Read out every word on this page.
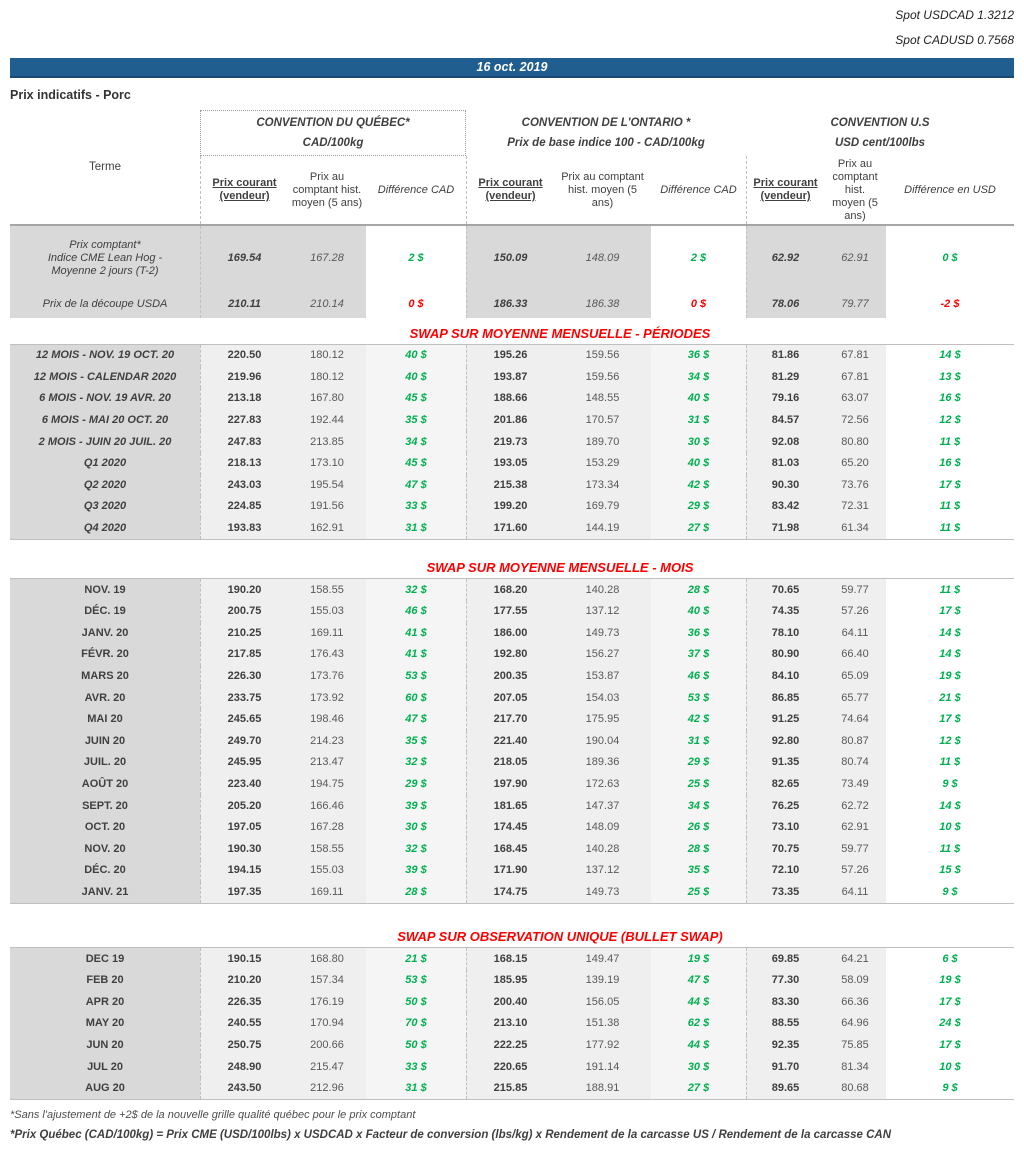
Spot USDCAD 1.3212
Spot CADUSD 0.7568
16 oct. 2019
Prix indicatifs - Porc
Terme
CONVENTION DU QUÉBEC*
CAD/100kg
CONVENTION DE L'ONTARIO *
Prix de base indice 100 - CAD/100kg
CONVENTION U.S
USD cent/100lbs
Prix courant (vendeur)
Prix au comptant hist. moyen (5 ans)
Différence CAD
Prix courant (vendeur)
Prix au comptant hist. moyen (5 ans)
Différence CAD
Prix courant (vendeur)
Prix au comptant hist. moyen (5 ans)
Différence en USD
Prix comptant*
Indice CME Lean Hog -
Moyenne 2 jours (T-2)
169.54	167.28	2 $	150.09	148.09	2 $	62.92	62.91	0 $
Prix de la découpe USDA	210.11	210.14	0 $	186.33	186.38	0 $	78.06	79.77	-2 $
SWAP SUR MOYENNE MENSUELLE - PÉRIODES
12 MOIS - NOV. 19 OCT. 20	220.50	180.12	40 $	195.26	159.56	36 $	81.86	67.81	14 $
12 MOIS - CALENDAR 2020	219.96	180.12	40 $	193.87	159.56	34 $	81.29	67.81	13 $
6 MOIS - NOV. 19 AVR. 20	213.18	167.80	45 $	188.66	148.55	40 $	79.16	63.07	16 $
6 MOIS - MAI 20 OCT. 20	227.83	192.44	35 $	201.86	170.57	31 $	84.57	72.56	12 $
2 MOIS - JUIN 20 JUIL. 20	247.83	213.85	34 $	219.73	189.70	30 $	92.08	80.80	11 $
Q1 2020	218.13	173.10	45 $	193.05	153.29	40 $	81.03	65.20	16 $
Q2 2020	243.03	195.54	47 $	215.38	173.34	42 $	90.30	73.76	17 $
Q3 2020	224.85	191.56	33 $	199.20	169.79	29 $	83.42	72.31	11 $
Q4 2020	193.83	162.91	31 $	171.60	144.19	27 $	71.98	61.34	11 $
SWAP SUR MOYENNE MENSUELLE - MOIS
NOV. 19	190.20	158.55	32 $	168.20	140.28	28 $	70.65	59.77	11 $
DÉC. 19	200.75	155.03	46 $	177.55	137.12	40 $	74.35	57.26	17 $
JANV. 20	210.25	169.11	41 $	186.00	149.73	36 $	78.10	64.11	14 $
FÉVR. 20	217.85	176.43	41 $	192.80	156.27	37 $	80.90	66.40	14 $
MARS 20	226.30	173.76	53 $	200.35	153.87	46 $	84.10	65.09	19 $
AVR. 20	233.75	173.92	60 $	207.05	154.03	53 $	86.85	65.77	21 $
MAI 20	245.65	198.46	47 $	217.70	175.95	42 $	91.25	74.64	17 $
JUIN 20	249.70	214.23	35 $	221.40	190.04	31 $	92.80	80.87	12 $
JUIL. 20	245.95	213.47	32 $	218.05	189.36	29 $	91.35	80.74	11 $
AOÛT 20	223.40	194.75	29 $	197.90	172.63	25 $	82.65	73.49	9 $
SEPT. 20	205.20	166.46	39 $	181.65	147.37	34 $	76.25	62.72	14 $
OCT. 20	197.05	167.28	30 $	174.45	148.09	26 $	73.10	62.91	10 $
NOV. 20	190.30	158.55	32 $	168.45	140.28	28 $	70.75	59.77	11 $
DÉC. 20	194.15	155.03	39 $	171.90	137.12	35 $	72.10	57.26	15 $
JANV. 21	197.35	169.11	28 $	174.75	149.73	25 $	73.35	64.11	9 $
SWAP SUR OBSERVATION UNIQUE (BULLET SWAP)
DEC 19	190.15	168.80	21 $	168.15	149.47	19 $	69.85	64.21	6 $
FEB 20	210.20	157.34	53 $	185.95	139.19	47 $	77.30	58.09	19 $
APR 20	226.35	176.19	50 $	200.40	156.05	44 $	83.30	66.36	17 $
MAY 20	240.55	170.94	70 $	213.10	151.38	62 $	88.55	64.96	24 $
JUN 20	250.75	200.66	50 $	222.25	177.92	44 $	92.35	75.85	17 $
JUL 20	248.90	215.47	33 $	220.65	191.14	30 $	91.70	81.34	10 $
AUG 20	243.50	212.96	31 $	215.85	188.91	27 $	89.65	80.68	9 $

*Sans l'ajustement de +2$ de la nouvelle grille qualité québec pour le prix comptant

*Prix Québec (CAD/100kg) = Prix CME (USD/100lbs) x USDCAD x Facteur de conversion (lbs/kg) x Rendement de la carcasse US / Rendement de la carcasse CAN
